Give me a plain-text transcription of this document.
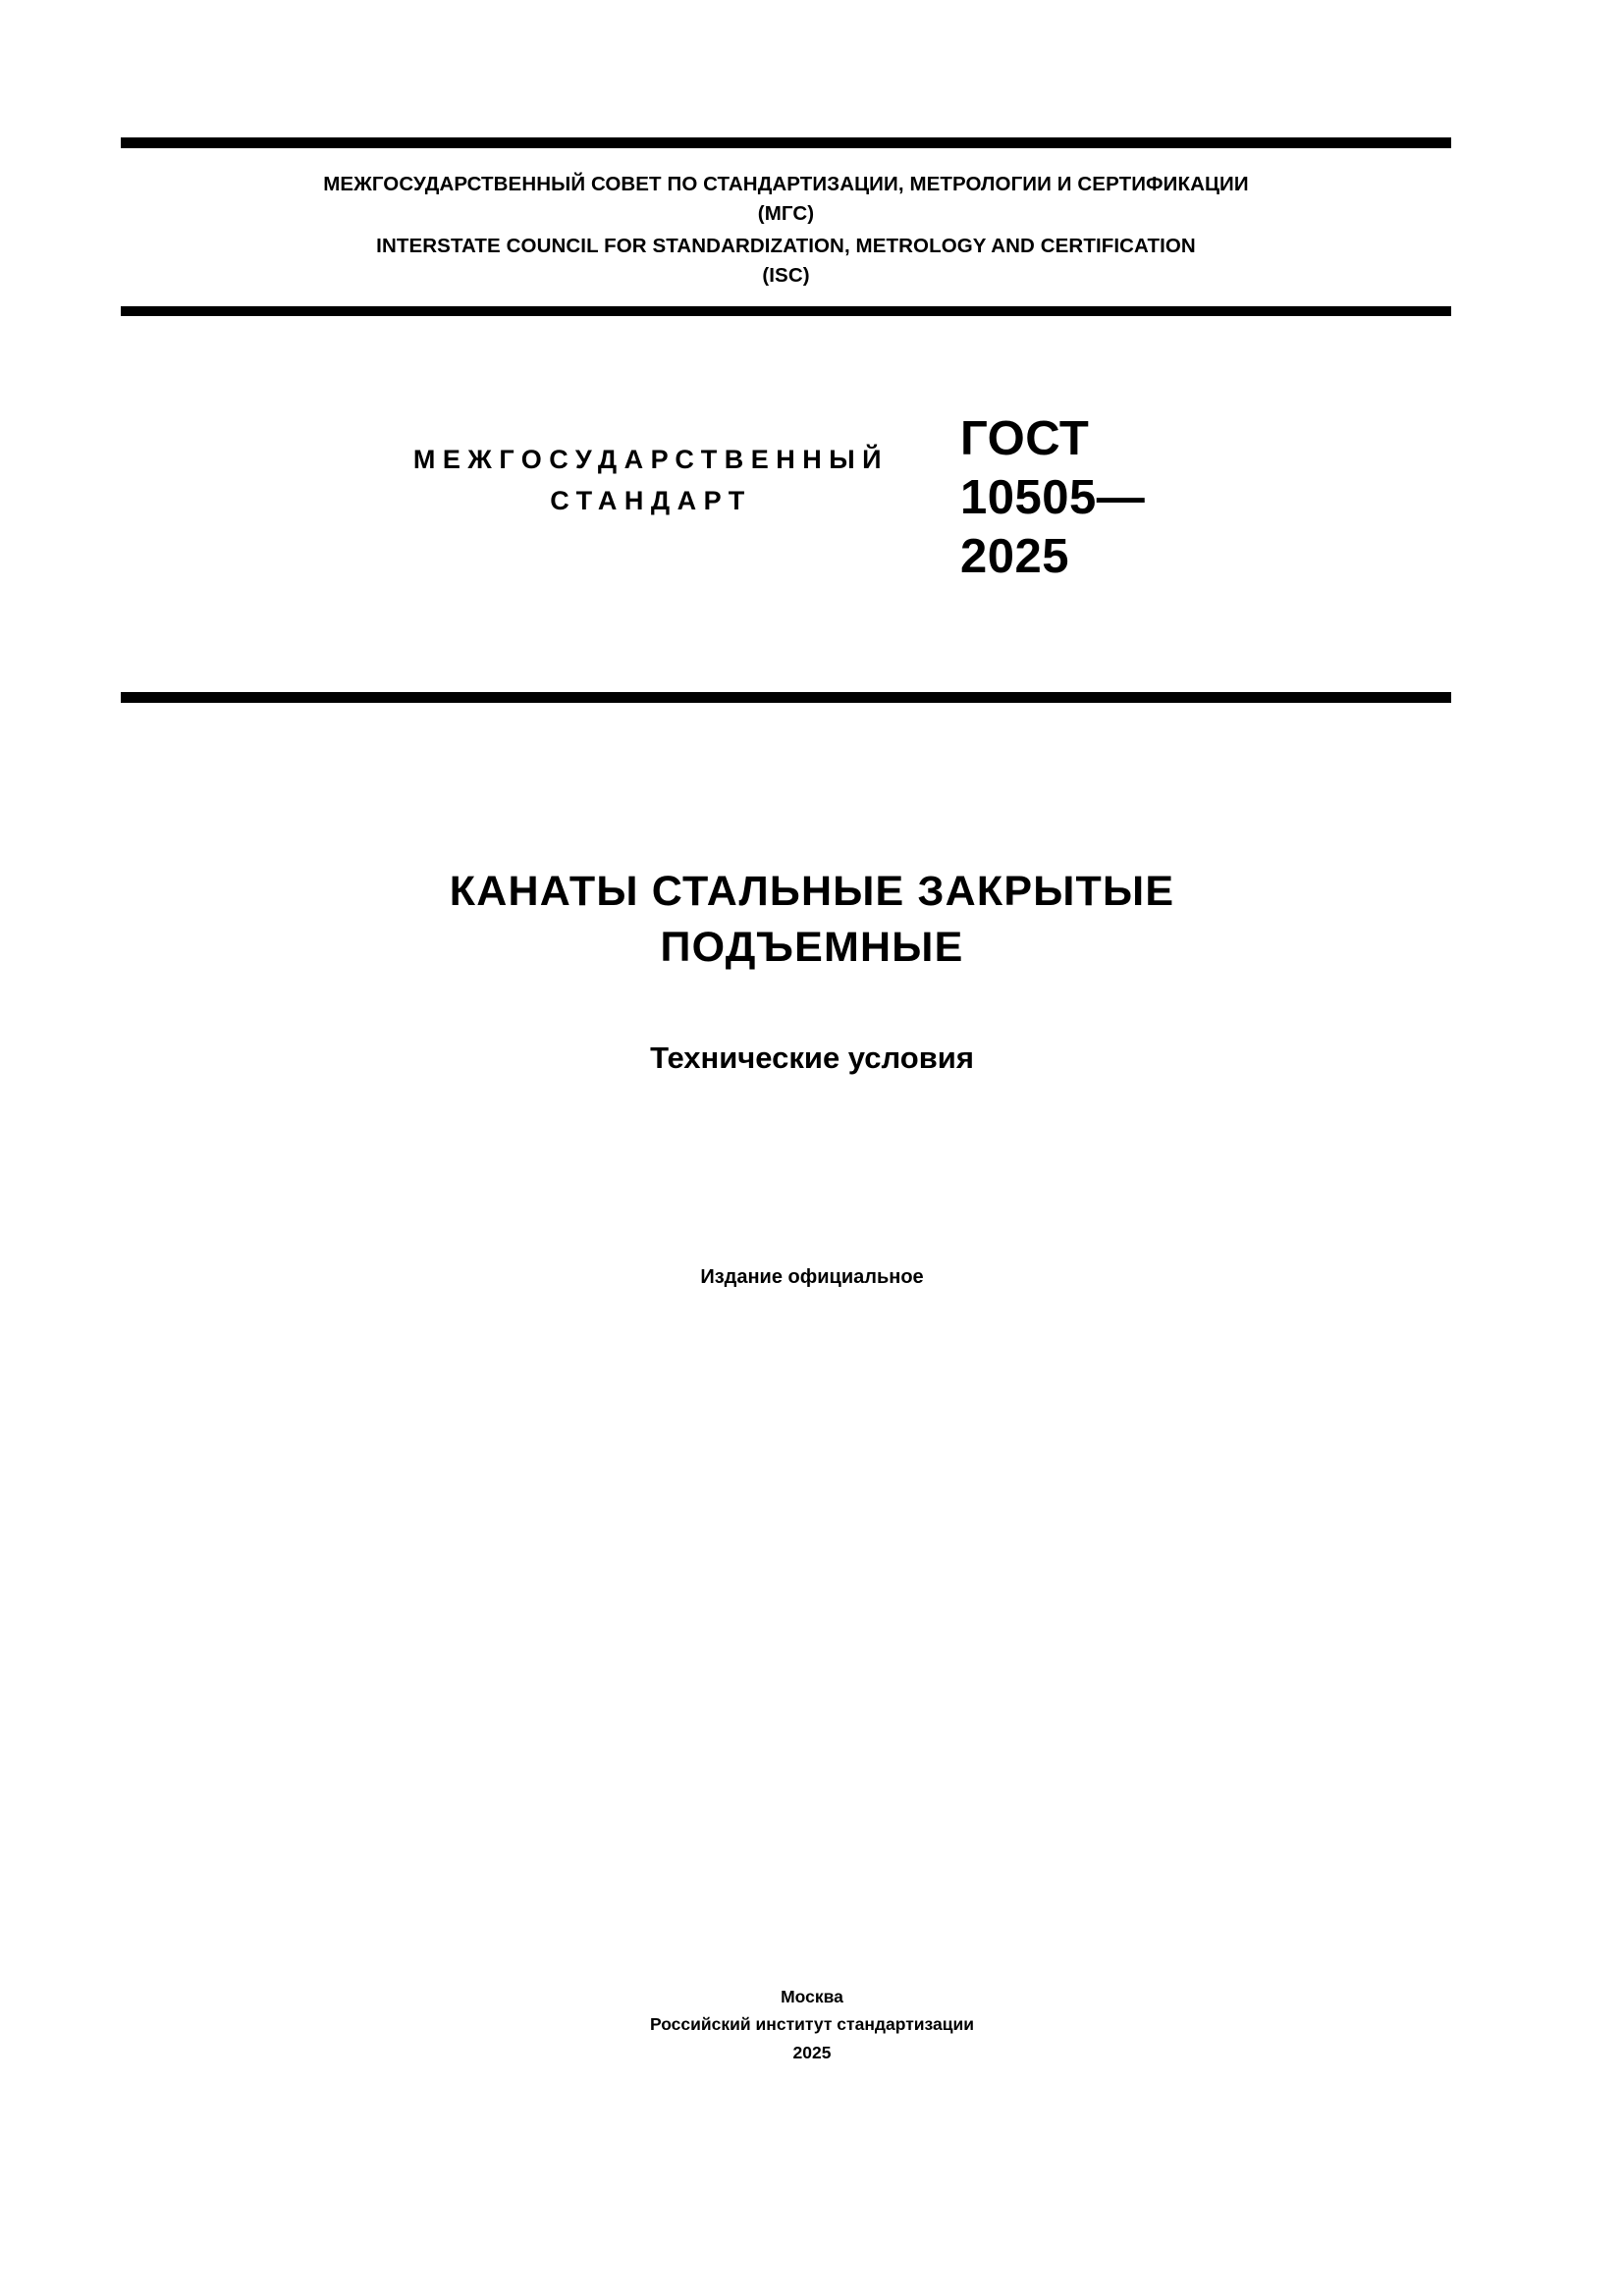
МЕЖГОСУДАРСТВЕННЫЙ СОВЕТ ПО СТАНДАРТИЗАЦИИ, МЕТРОЛОГИИ И СЕРТИФИКАЦИИ
(МГС)
INTERSTATE COUNCIL FOR STANDARDIZATION, METROLOGY AND CERTIFICATION
(ISC)
МЕЖГОСУДАРСТВЕННЫЙ
СТАНДАРТ
ГОСТ
10505—
2025
КАНАТЫ СТАЛЬНЫЕ ЗАКРЫТЫЕ
ПОДЪЕМНЫЕ
Технические условия
Издание официальное
Москва
Российский институт стандартизации
2025
